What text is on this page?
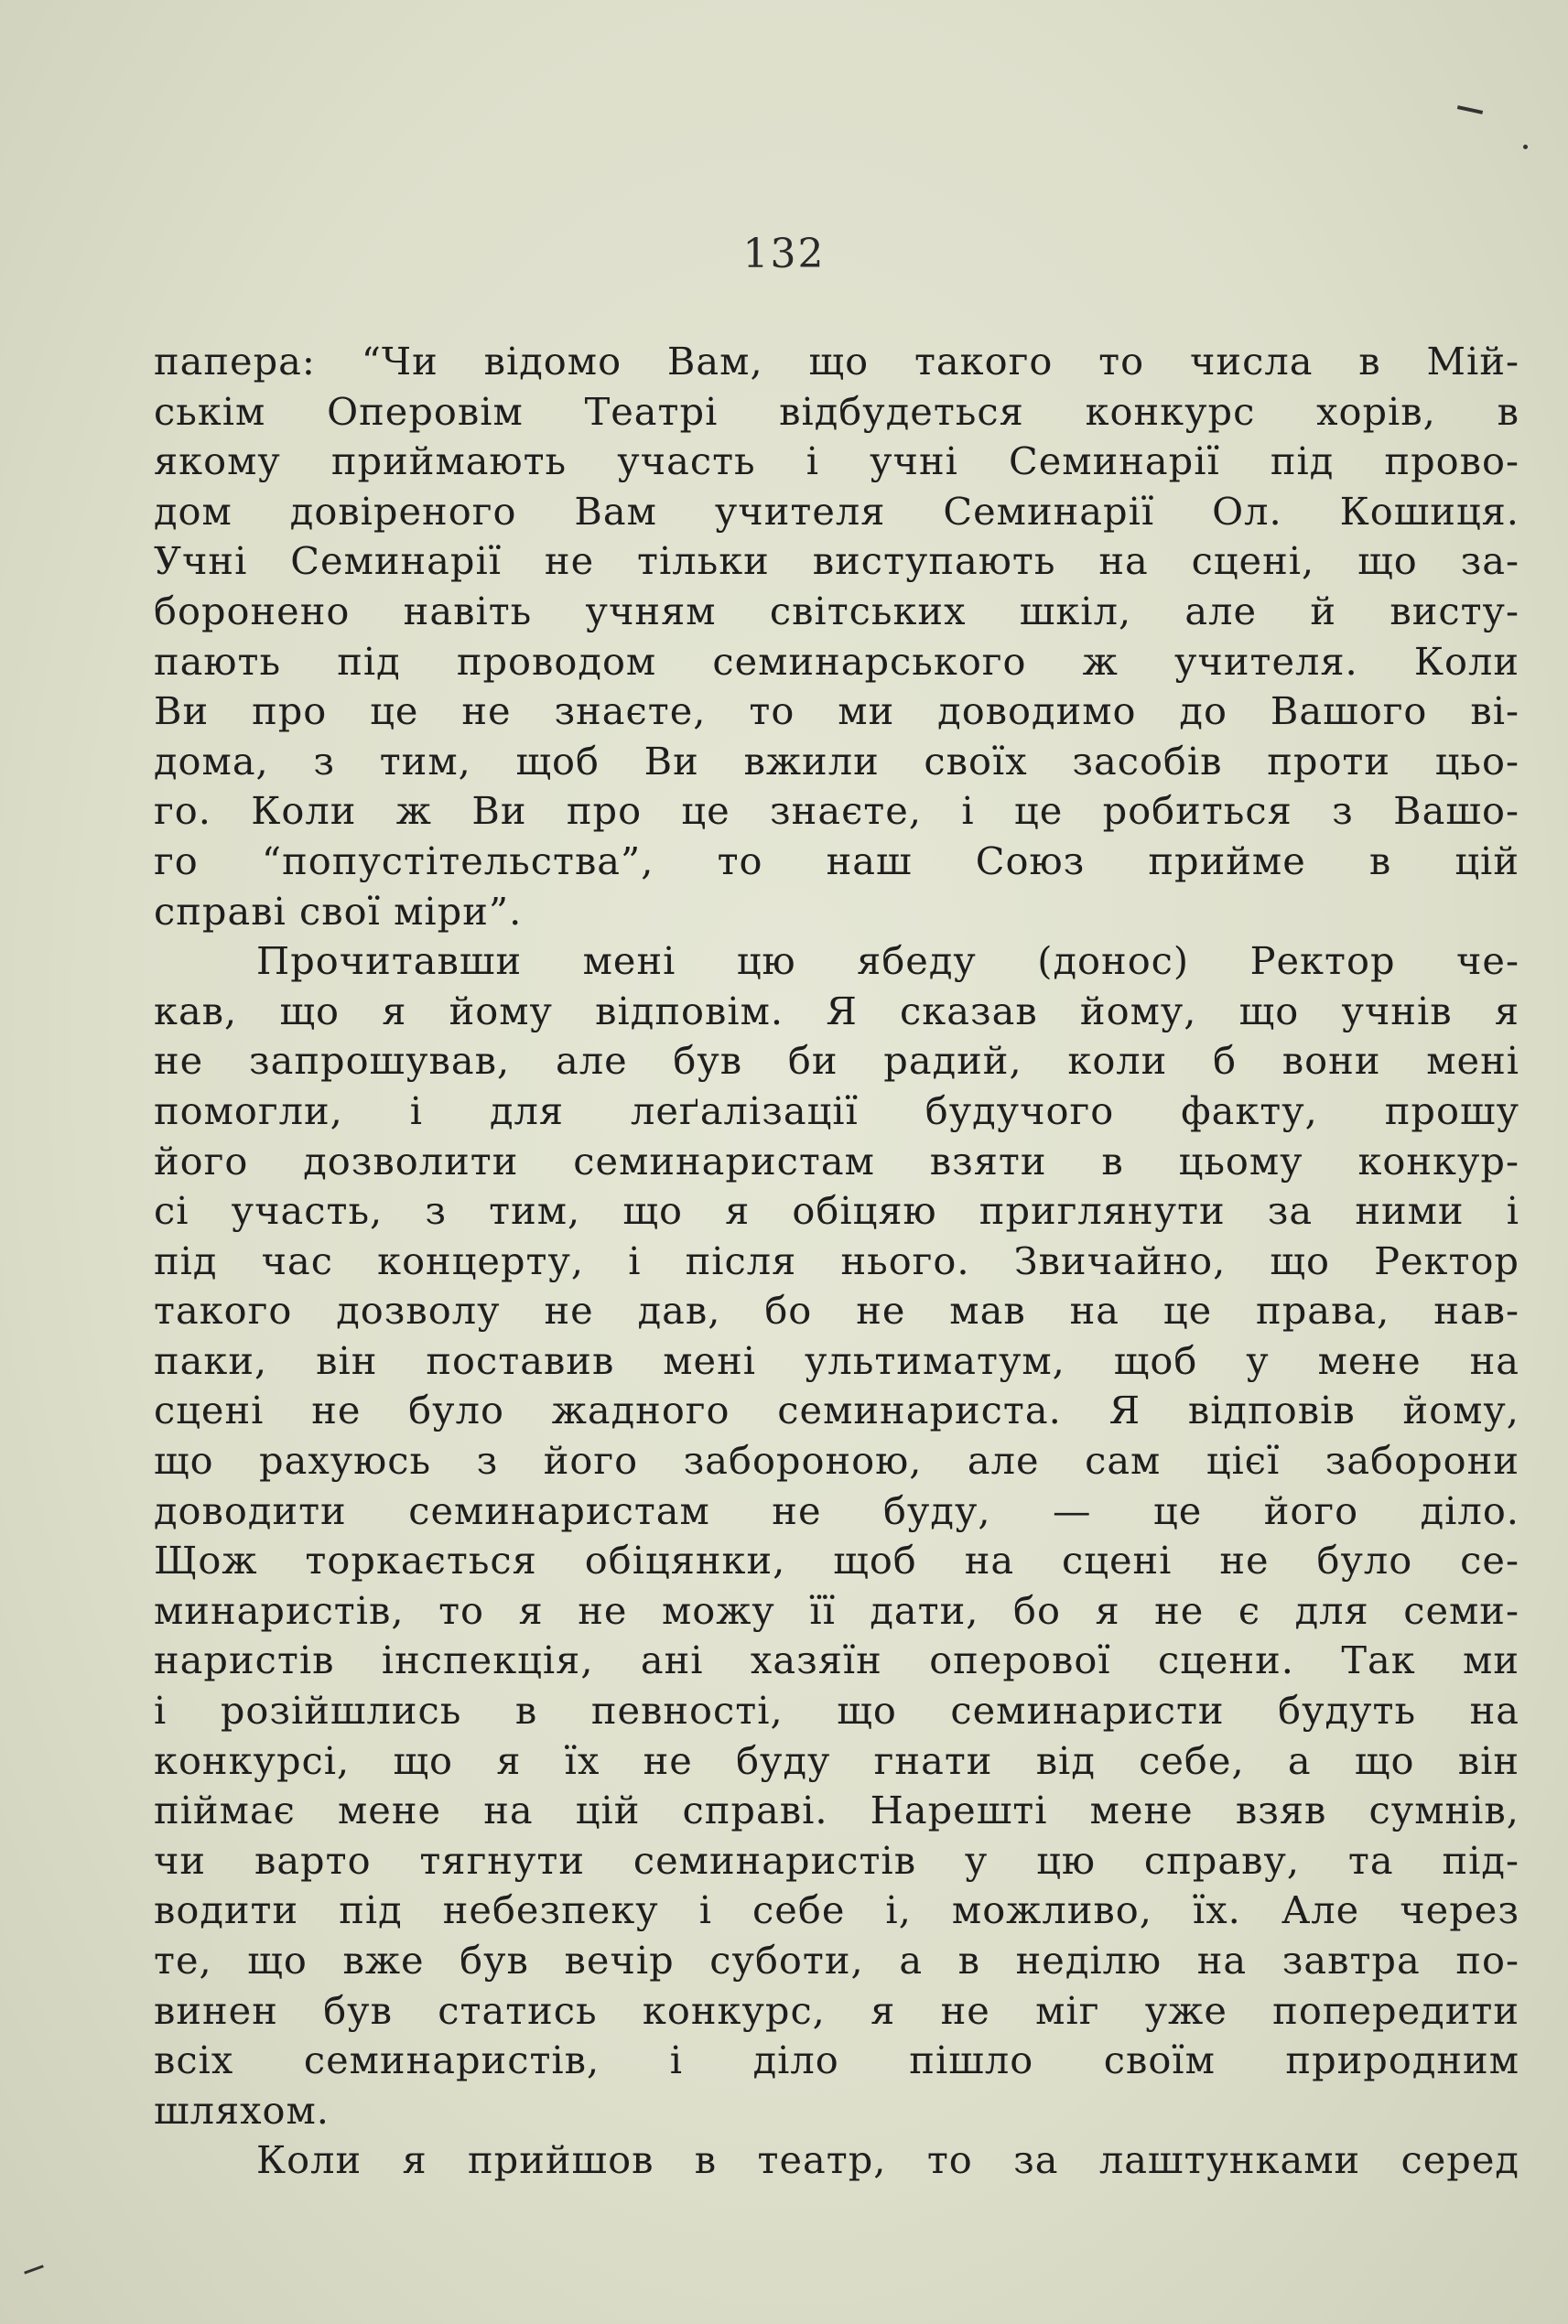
132
папера: “Чи відомо Вам, що такого то числа в Мій-
ськім Оперовім Театрі відбудеться конкурс хорів, в
якому приймають участь і учні Семинарії під прово-
дом довіреного Вам учителя Семинарії Ол. Кошиця.
Учні Семинарії не тільки виступають на сцені, що за-
боронено навіть учням світських шкіл, але й висту-
пають під проводом семинарського ж учителя. Коли
Ви про це не знаєте, то ми доводимо до Вашого ві-
дома, з тим, щоб Ви вжили своїх засобів проти цьо-
го. Коли ж Ви про це знаєте, і це робиться з Вашо-
го “попустітельства”, то наш Союз прийме в цій
справі свої міри”.
Прочитавши мені цю ябеду (донос) Ректор че-
кав, що я йому відповім. Я сказав йому, що учнів я
не запрошував, але був би радий, коли б вони мені
помогли, і для леґалізації будучого факту, прошу
його дозволити семинаристам взяти в цьому конкур-
сі участь, з тим, що я обіцяю приглянути за ними і
під час концерту, і після нього. Звичайно, що Ректор
такого дозволу не дав, бо не мав на це права, нав-
паки, він поставив мені ультиматум, щоб у мене на
сцені не було жадного семинариста. Я відповів йому,
що рахуюсь з його забороною, але сам цієї заборони
доводити семинаристам не буду, — це його діло.
Щож торкається обіцянки, щоб на сцені не було се-
минаристів, то я не можу її дати, бо я не є для семи-
наристів інспекція, ані хазяїн оперової сцени. Так ми
і розійшлись в певності, що семинаристи будуть на
конкурсі, що я їх не буду гнати від себе, а що він
піймає мене на цій справі. Нарешті мене взяв сумнів,
чи варто тягнути семинаристів у цю справу, та під-
водити під небезпеку і себе і, можливо, їх. Але через
те, що вже був вечір суботи, а в неділю на завтра по-
винен був статись конкурс, я не міг уже попередити
всіх семинаристів, і діло пішло своїм природним
шляхом.
Коли я прийшов в театр, то за лаштунками серед
